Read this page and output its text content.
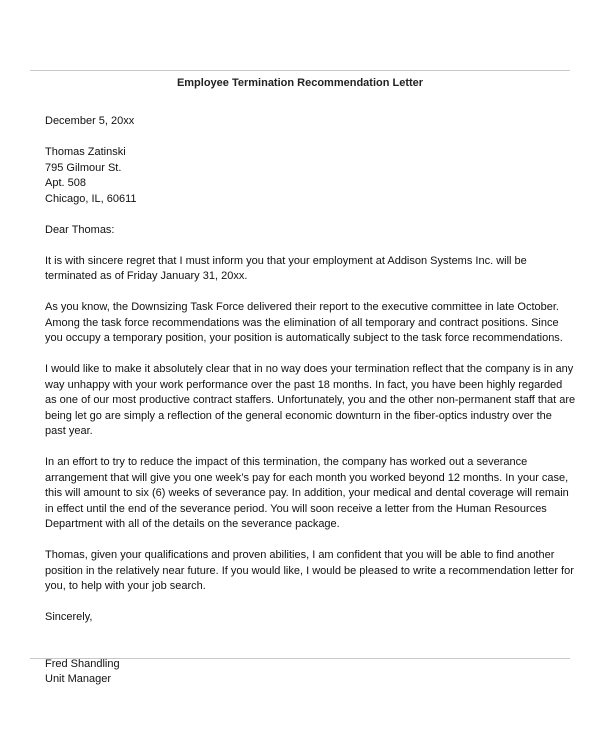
Employee Termination Recommendation Letter
December 5, 20xx
Thomas Zatinski
795 Gilmour St.
Apt. 508
Chicago, IL, 60611
Dear Thomas:
It is with sincere regret that I must inform you that your employment at Addison Systems Inc. will be
terminated as of Friday January 31, 20xx.
As you know, the Downsizing Task Force delivered their report to the executive committee in late October.
Among the task force recommendations was the elimination of all temporary and contract positions. Since
you occupy a temporary position, your position is automatically subject to the task force recommendations.
I would like to make it absolutely clear that in no way does your termination reflect that the company is in any
way unhappy with your work performance over the past 18 months. In fact, you have been highly regarded
as one of our most productive contract staffers. Unfortunately, you and the other non-permanent staff that are
being let go are simply a reflection of the general economic downturn in the fiber-optics industry over the
past year.
In an effort to try to reduce the impact of this termination, the company has worked out a severance
arrangement that will give you one week’s pay for each month you worked beyond 12 months. In your case,
this will amount to six (6) weeks of severance pay. In addition, your medical and dental coverage will remain
in effect until the end of the severance period. You will soon receive a letter from the Human Resources
Department with all of the details on the severance package.
Thomas, given your qualifications and proven abilities, I am confident that you will be able to find another
position in the relatively near future. If you would like, I would be pleased to write a recommendation letter for
you, to help with your job search.
Sincerely,
Fred Shandling
Unit Manager
